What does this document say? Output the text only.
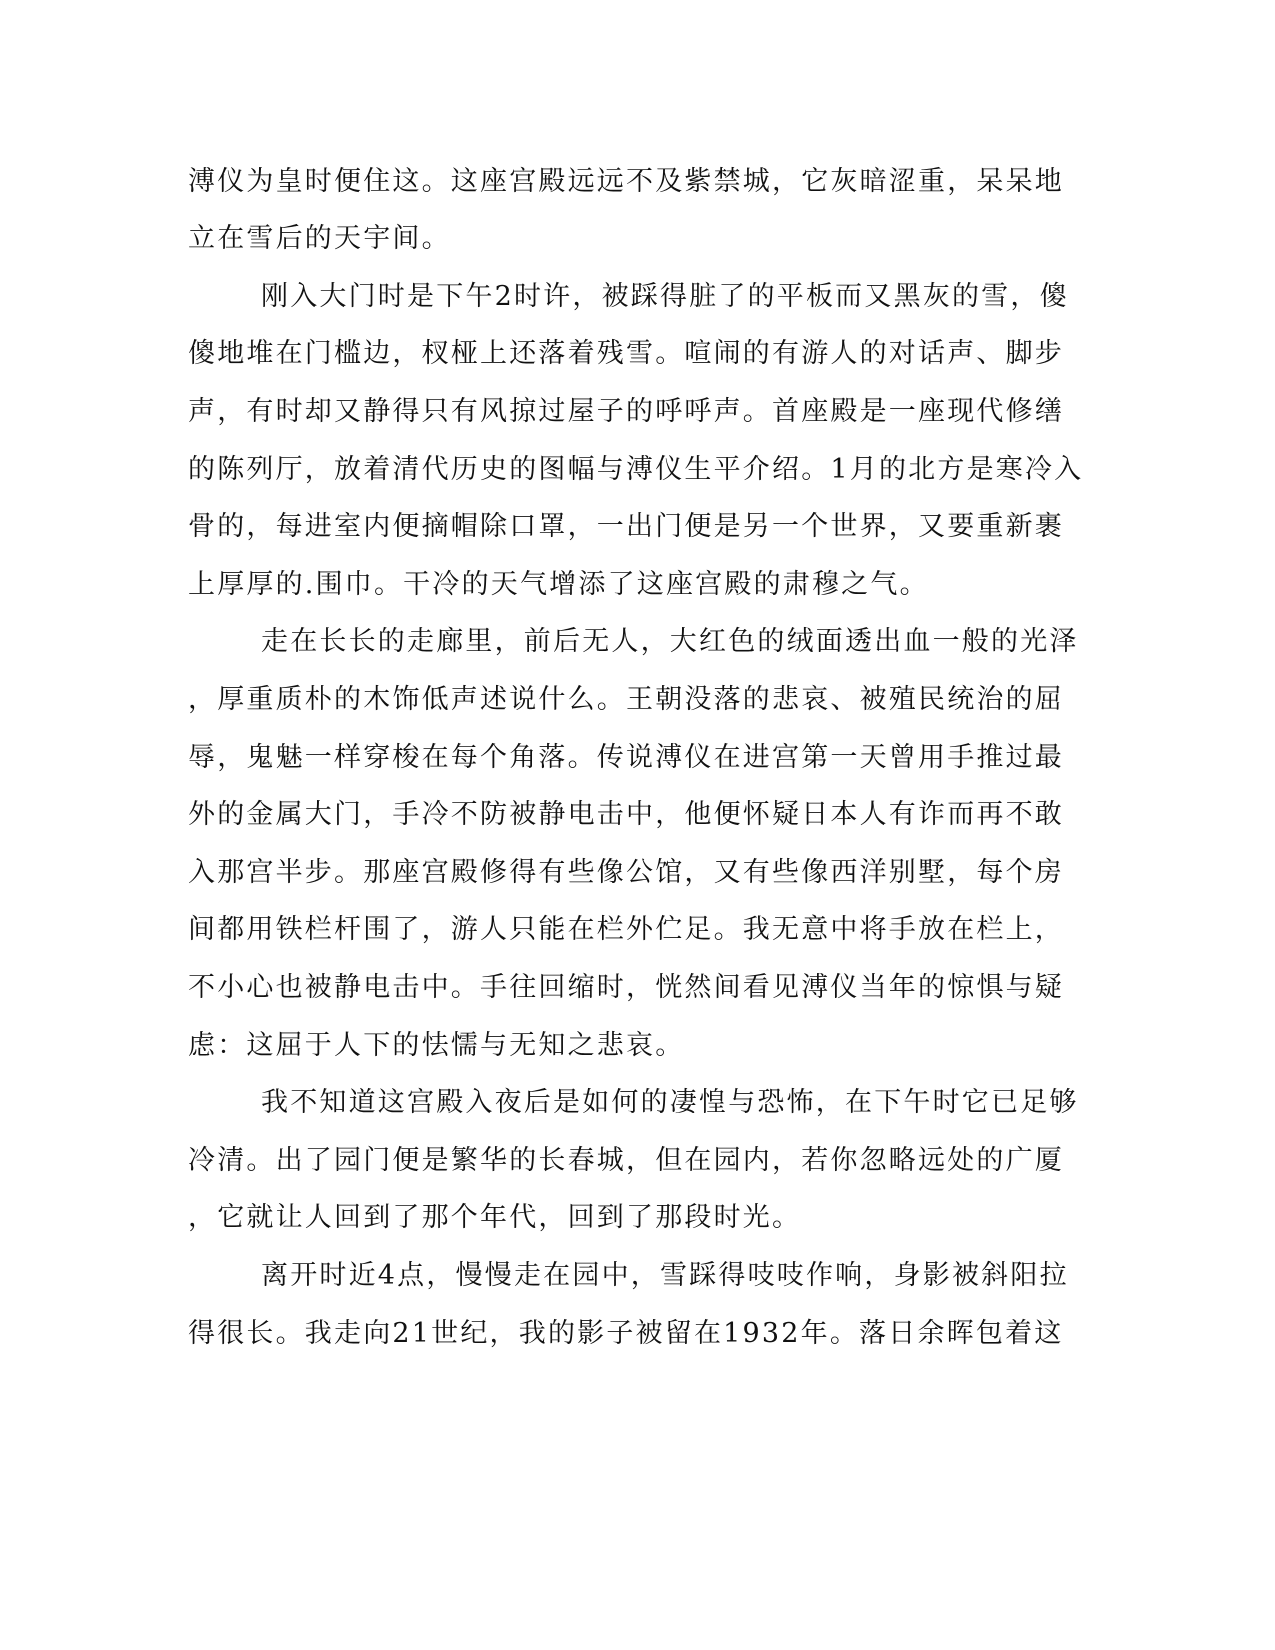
溥仪为皇时便住这。这座宫殿远远不及紫禁城，它灰暗涩重，呆呆地
立在雪后的天宇间。
刚入大门时是下午2时许，被踩得脏了的平板而又黑灰的雪，傻
傻地堆在门槛边，杈桠上还落着残雪。喧闹的有游人的对话声、脚步
声，有时却又静得只有风掠过屋子的呼呼声。首座殿是一座现代修缮
的陈列厅，放着清代历史的图幅与溥仪生平介绍。1月的北方是寒冷入
骨的，每进室内便摘帽除口罩，一出门便是另一个世界，又要重新裹
上厚厚的.围巾。干冷的天气增添了这座宫殿的肃穆之气。
走在长长的走廊里，前后无人，大红色的绒面透出血一般的光泽
，厚重质朴的木饰低声述说什么。王朝没落的悲哀、被殖民统治的屈
辱，鬼魅一样穿梭在每个角落。传说溥仪在进宫第一天曾用手推过最
外的金属大门，手冷不防被静电击中，他便怀疑日本人有诈而再不敢
入那宫半步。那座宫殿修得有些像公馆，又有些像西洋别墅，每个房
间都用铁栏杆围了，游人只能在栏外伫足。我无意中将手放在栏上，
不小心也被静电击中。手往回缩时，恍然间看见溥仪当年的惊惧与疑
虑：这屈于人下的怯懦与无知之悲哀。
我不知道这宫殿入夜后是如何的凄惶与恐怖，在下午时它已足够
冷清。出了园门便是繁华的长春城，但在园内，若你忽略远处的广厦
，它就让人回到了那个年代，回到了那段时光。
离开时近4点，慢慢走在园中，雪踩得吱吱作响，身影被斜阳拉
得很长。我走向21世纪，我的影子被留在1932年。落日余晖包着这
